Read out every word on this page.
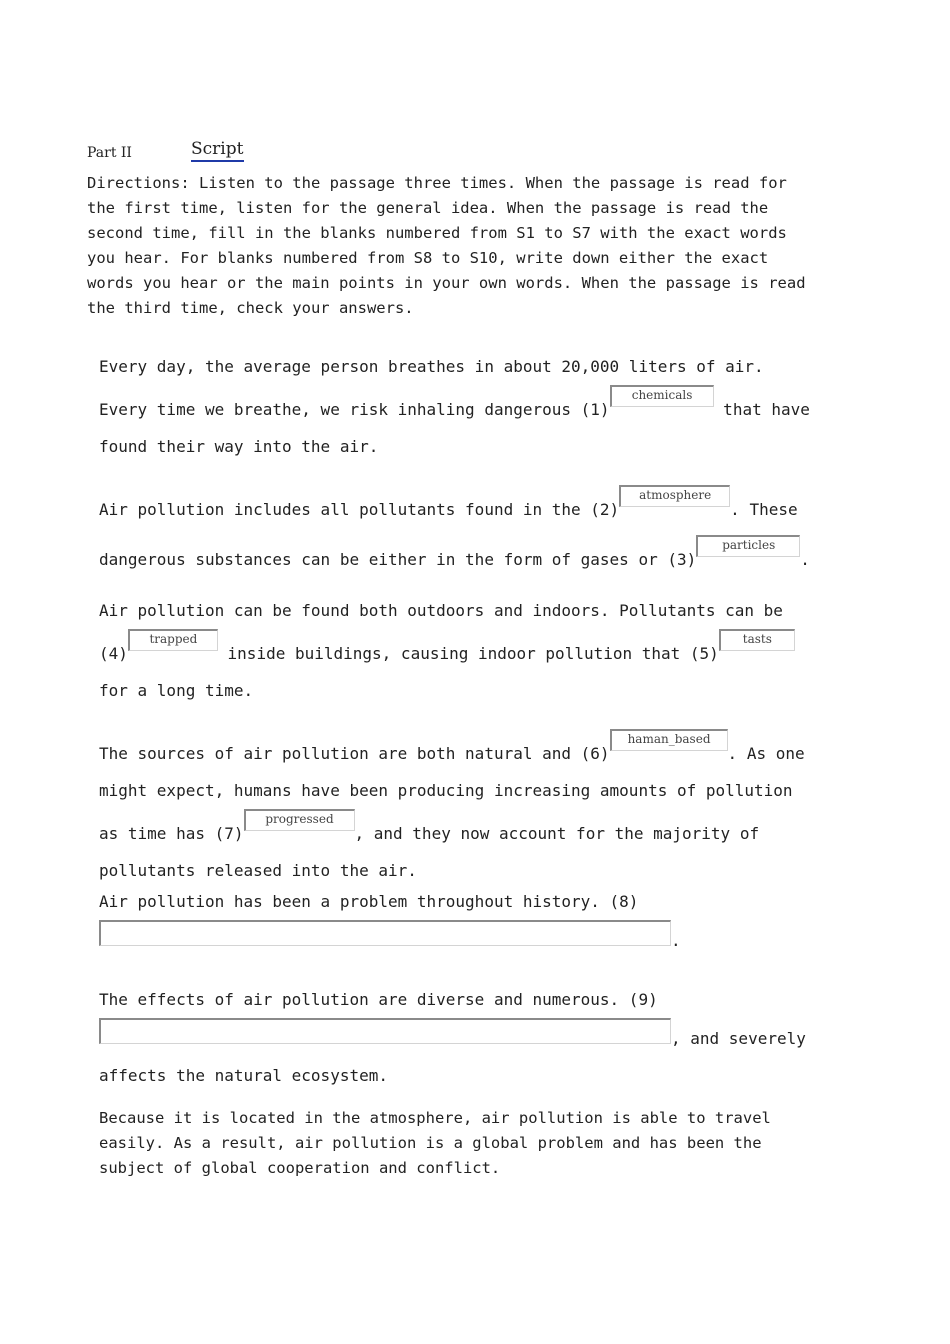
Part II	Script

Directions: Listen to the passage three times. When the passage is read for the first time, listen for the general idea. When the passage is read the second time, fill in the blanks numbered from S1 to S7 with the exact words you hear. For blanks numbered from S8 to S10, write down either the exact words you hear or the main points in your own words. When the passage is read the third time, check your answers.

Every day, the average person breathes in about 20,000 liters of air. Every time we breathe, we risk inhaling dangerous (1)chemicals that have found their way into the air.

Air pollution includes all pollutants found in the (2)atmosphere. These dangerous substances can be either in the form of gases or (3)particles.

Air pollution can be found both outdoors and indoors. Pollutants can be (4)trapped inside buildings, causing indoor pollution that (5)tasts for a long time.

The sources of air pollution are both natural and (6)haman_based. As one might expect, humans have been producing increasing amounts of pollution as time has (7)progressed, and they now account for the majority of pollutants released into the air.

Air pollution has been a problem throughout history. (8)
.

The effects of air pollution are diverse and numerous. (9)
, and severely affects the natural ecosystem.

Because it is located in the atmosphere, air pollution is able to travel easily. As a result, air pollution is a global problem and has been the subject of global cooperation and conflict.
